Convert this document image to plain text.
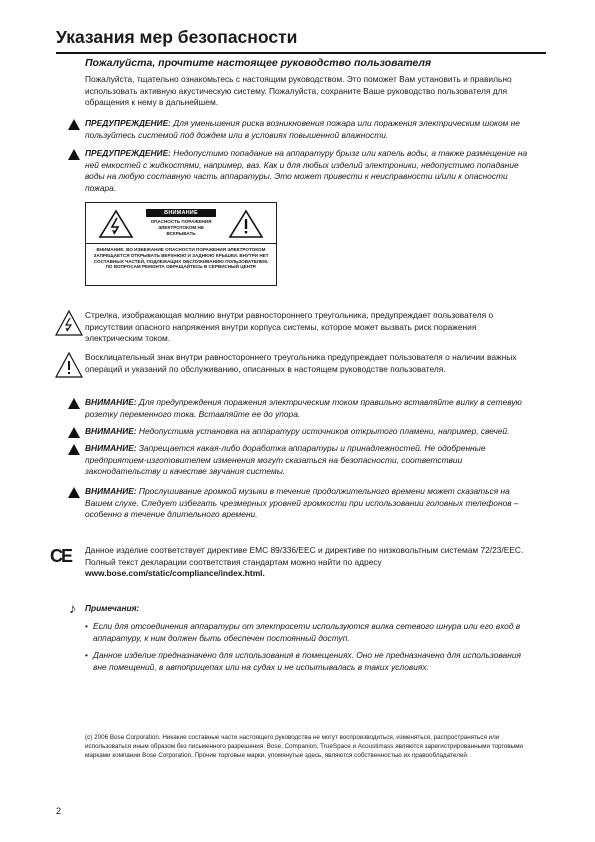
Указания мер безопасности
Пожалуйста, прочтите настоящее руководство пользователя
Пожалуйста, тщательно ознакомьтесь с настоящим руководством. Это поможет Вам установить и правильно использовать активную акустическую систему. Пожалуйста, сохраните Ваше руководство пользователя для обращения к нему в дальнейшем.
ПРЕДУПРЕЖДЕНИЕ: Для уменьшения риска возникновения пожара или поражения электрическим шоком не пользуйтесь системой под дождем или в условиях повышенной влажности.
ПРЕДУПРЕЖДЕНИЕ: Недопустимо попадание на аппаратуру брызг или капель воды, а также размещение на ней емкостей с жидкостями, например, ваз. Как и для любых изделий электроники, недопустимо попадание воды на любую составную часть аппаратуры. Это может привести к неисправности и/или к опасности пожара.
ВНИМАНИЕ
ОПАСНОСТЬ ПОРАЖЕНИЯ ЭЛЕКТРОТОКОМ НЕ ВСКРЫВАТЬ
ВНИМАНИЕ: ВО ИЗБЕЖАНИЕ ОПАСНОСТИ ПОРАЖЕНИЯ ЭЛЕКТРОТОКОМ ЗАПРЕЩАЕТСЯ ОТКРЫВАТЬ ВЕРХНЮЮ И ЗАДНЮЮ КРЫШКИ. ВНУТРИ НЕТ СОСТАВНЫХ ЧАСТЕЙ, ПОДЛЕЖАЩИХ ОБСЛУЖИВАНИЮ ПОЛЬЗОВАТЕЛЕМ. ПО ВОПРОСАМ РЕМОНТА ОБРАЩАЙТЕСЬ В СЕРВИСНЫЙ ЦЕНТР.
Стрелка, изображающая молнию внутри равностороннего треугольника, предупреждает пользователя о присутствии опасного напряжения внутри корпуса системы, которое может вызвать риск поражения электрическим током.
Восклицательный знак внутри равностороннего треугольника предупреждает пользователя о наличии важных операций и указаний по обслуживанию, описанных в настоящем руководстве пользователя.
ВНИМАНИЕ: Для предупреждения поражения электрическим током правильно вставляйте вилку в сетевую розетку переменного тока. Вставляйте ее до упора.
ВНИМАНИЕ: Недопустима установка на аппаратуру источников открытого пламени, например, свечей.
ВНИМАНИЕ: Запрещается какая-либо доработка аппаратуры и принадлежностей. Не одобренные предприятием-изготовителем изменения могут сказаться на безопасности, соответствии законодательству и качестве звучания системы.
ВНИМАНИЕ: Прослушивание громкой музыки в течение продолжительного времени может сказаться на Вашем слухе. Следует избегать чрезмерных уровней громкости при использовании головных телефонов – особенно в течение длительного времени.
CE	Данное изделие соответствует директиве EMC 89/336/EEC и директиве по низковольтным системам 72/23/EEC. Полный текст декларации соответствия стандартам можно найти по адресу www.bose.com/static/compliance/index.html.
♪ Примечания:
• Если для отсоединения аппаратуры от электросети используются вилка сетевого шнура или его вход в аппаратуру, к ним должен быть обеспечен постоянный доступ.
• Данное изделие предназначено для использования в помещениях. Оно не предназначено для использования вне помещений, в автоприцепах или на судах и не испытывалась в таких условиях.
(c) 2006 Bose Corporation. Никакие составные части настоящего руководства не могут воспроизводиться, изменяться, распространяться или использоваться иным образом без письменного разрешения. Bose, Companion, TrueSpace и Acoustimass являются зарегистрированными торговыми марками компании Bose Corporation. Прочие торговые марки, упомянутые здесь, являются собственностью их правообладателей.
2
